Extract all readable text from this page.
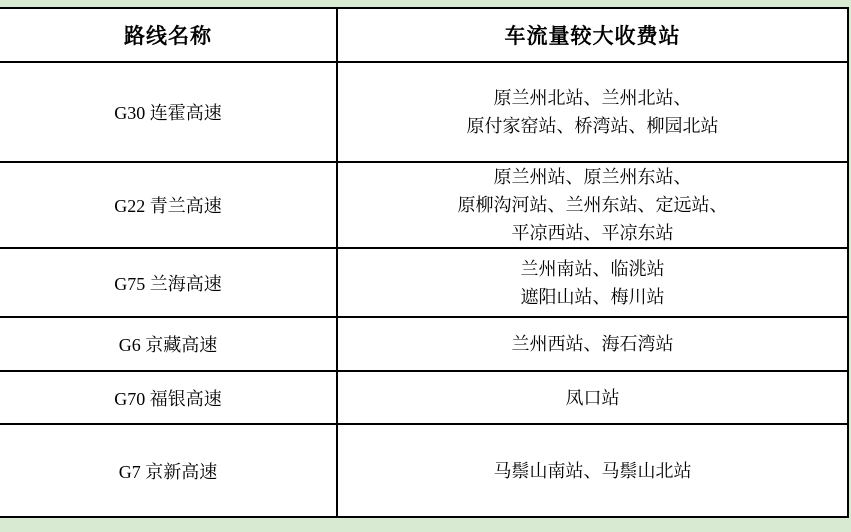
路线名称	车流量较大收费站
G30 连霍高速	原兰州北站、兰州北站、
原付家窑站、桥湾站、柳园北站

G22 青兰高速	原兰州站、原兰州东站、
原柳沟河站、兰州东站、定远站、
平凉西站、平凉东站

G75 兰海高速	兰州南站、临洮站
遮阳山站、梅川站

G6 京藏高速	兰州西站、海石湾站

G70 福银高速	凤口站

G7 京新高速	马鬃山南站、马鬃山北站
